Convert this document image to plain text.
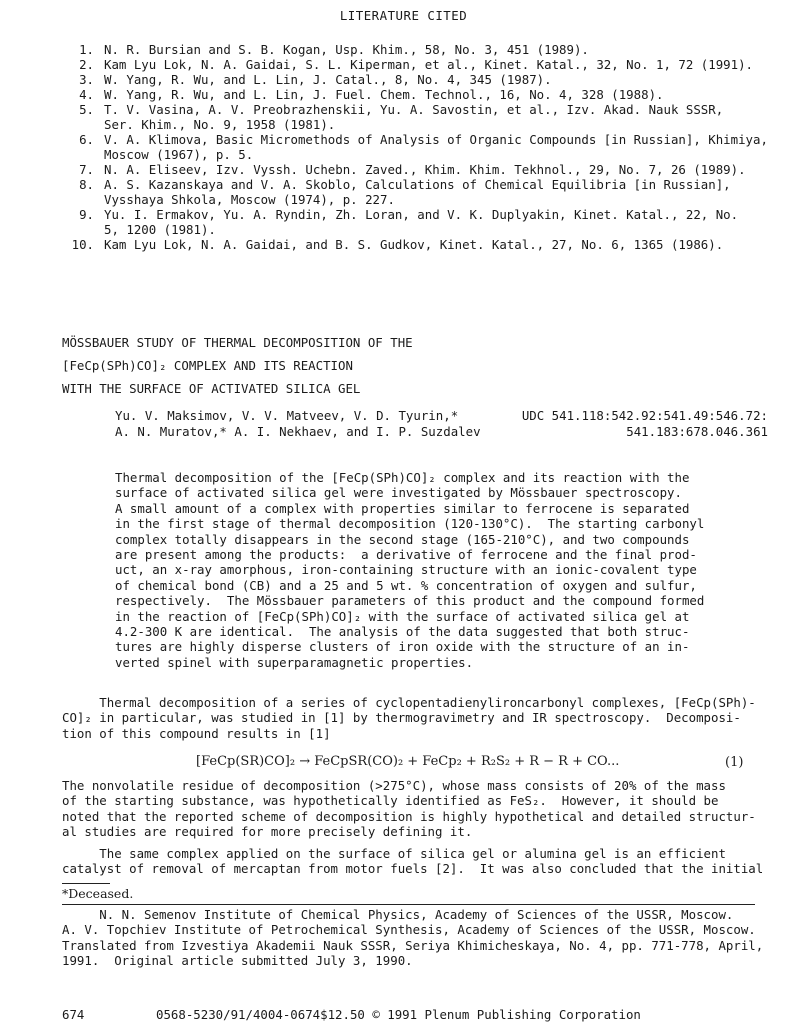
LITERATURE CITED
1. N. R. Bursian and S. B. Kogan, Usp. Khim., 58, No. 3, 451 (1989).
2. Kam Lyu Lok, N. A. Gaidai, S. L. Kiperman, et al., Kinet. Katal., 32, No. 1, 72 (1991).
3. W. Yang, R. Wu, and L. Lin, J. Catal., 8, No. 4, 345 (1987).
4. W. Yang, R. Wu, and L. Lin, J. Fuel. Chem. Technol., 16, No. 4, 328 (1988).
5. T. V. Vasina, A. V. Preobrazhenskii, Yu. A. Savostin, et al., Izv. Akad. Nauk SSSR,
Ser. Khim., No. 9, 1958 (1981).
6. V. A. Klimova, Basic Micromethods of Analysis of Organic Compounds [in Russian], Khimiya,
Moscow (1967), p. 5.
7. N. A. Eliseev, Izv. Vyssh. Uchebn. Zaved., Khim. Khim. Tekhnol., 29, No. 7, 26 (1989).
8. A. S. Kazanskaya and V. A. Skoblo, Calculations of Chemical Equilibria [in Russian],
Vysshaya Shkola, Moscow (1974), p. 227.
9. Yu. I. Ermakov, Yu. A. Ryndin, Zh. Loran, and V. K. Duplyakin, Kinet. Katal., 22, No.
5, 1200 (1981).
10. Kam Lyu Lok, N. A. Gaidai, and B. S. Gudkov, Kinet. Katal., 27, No. 6, 1365 (1986).
MÖSSBAUER STUDY OF THERMAL DECOMPOSITION OF THE
[FeCp(SPh)CO]₂ COMPLEX AND ITS REACTION
WITH THE SURFACE OF ACTIVATED SILICA GEL
Yu. V. Maksimov, V. V. Matveev, V. D. Tyurin,*
A. N. Muratov,* A. I. Nekhaev, and I. P. Suzdalev
UDC 541.118:542.92:541.49:546.72:
541.183:678.046.361
Thermal decomposition of the [FeCp(SPh)CO]₂ complex and its reaction with the
surface of activated silica gel were investigated by Mössbauer spectroscopy.
A small amount of a complex with properties similar to ferrocene is separated
in the first stage of thermal decomposition (120-130°C).  The starting carbonyl
complex totally disappears in the second stage (165-210°C), and two compounds
are present among the products:  a derivative of ferrocene and the final prod-
uct, an x-ray amorphous, iron-containing structure with an ionic-covalent type
of chemical bond (CB) and a 25 and 5 wt. % concentration of oxygen and sulfur,
respectively.  The Mössbauer parameters of this product and the compound formed
in the reaction of [FeCp(SPh)CO]₂ with the surface of activated silica gel at
4.2-300 K are identical.  The analysis of the data suggested that both struc-
tures are highly disperse clusters of iron oxide with the structure of an in-
verted spinel with superparamagnetic properties.
Thermal decomposition of a series of cyclopentadienylironcarbonyl complexes, [FeCp(SPh)-
CO]₂ in particular, was studied in [1] by thermogravimetry and IR spectroscopy.  Decomposi-
tion of this compound results in [1]
[FeCp(SR)CO]₂ → FeCpSR(CO)₂ + FeCp₂ + R₂S₂ + R − R + CO...	(1)
The nonvolatile residue of decomposition (>275°C), whose mass consists of 20% of the mass
of the starting substance, was hypothetically identified as FeS₂.  However, it should be
noted that the reported scheme of decomposition is highly hypothetical and detailed structur-
al studies are required for more precisely defining it.
The same complex applied on the surface of silica gel or alumina gel is an efficient
catalyst of removal of mercaptan from motor fuels [2].  It was also concluded that the initial
*Deceased.
N. N. Semenov Institute of Chemical Physics, Academy of Sciences of the USSR, Moscow.
A. V. Topchiev Institute of Petrochemical Synthesis, Academy of Sciences of the USSR, Moscow.
Translated from Izvestiya Akademii Nauk SSSR, Seriya Khimicheskaya, No. 4, pp. 771-778, April,
1991.  Original article submitted July 3, 1990.
674	0568-5230/91/4004-0674$12.50 © 1991 Plenum Publishing Corporation
